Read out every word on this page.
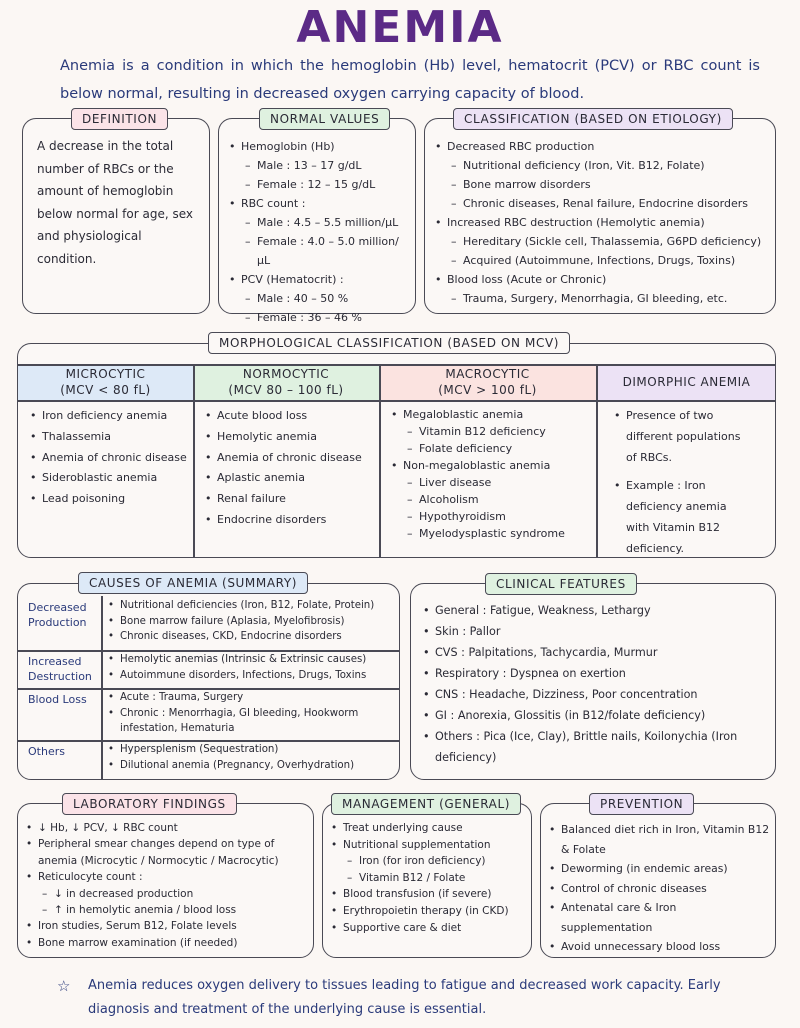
ANEMIA
Anemia is a condition in which the hemoglobin (Hb) level, hematocrit (PCV) or RBC count is below normal, resulting in decreased oxygen carrying capacity of blood.
DEFINITION
A decrease in the total number of RBCs or the amount of hemoglobin below normal for age, sex and physiological condition.
NORMAL VALUES
• Hemoglobin (Hb)
– Male : 13 – 17 g/dL
– Female : 12 – 15 g/dL
• RBC count :
– Male : 4.5 – 5.5 million/μL
– Female : 4.0 – 5.0 million/μL
• PCV (Hematocrit) :
– Male : 40 – 50 %
– Female : 36 – 46 %
CLASSIFICATION (BASED ON ETIOLOGY)
• Decreased RBC production
– Nutritional deficiency (Iron, Vit. B12, Folate)
– Bone marrow disorders
– Chronic diseases, Renal failure, Endocrine disorders
• Increased RBC destruction (Hemolytic anemia)
– Hereditary (Sickle cell, Thalassemia, G6PD deficiency)
– Acquired (Autoimmune, Infections, Drugs, Toxins)
• Blood loss (Acute or Chronic)
– Trauma, Surgery, Menorrhagia, GI bleeding, etc.
MICROCYTIC
(MCV < 80 fL)
• Iron deficiency anemia
• Thalassemia
• Anemia of chronic disease
• Sideroblastic anemia
• Lead poisoning
NORMOCYTIC
(MCV 80 – 100 fL)
• Acute blood loss
• Hemolytic anemia
• Anemia of chronic disease
• Aplastic anemia
• Renal failure
• Endocrine disorders
MACROCYTIC
(MCV > 100 fL)
• Megaloblastic anemia
– Vitamin B12 deficiency
– Folate deficiency
• Non-megaloblastic anemia
– Liver disease
– Alcoholism
– Hypothyroidism
– Myelodysplastic syndrome
DIMORPHIC ANEMIA
• Presence of two different populations of RBCs.
• Example : Iron deficiency anemia with Vitamin B12 deficiency.
MORPHOLOGICAL CLASSIFICATION (BASED ON MCV)
Decreased Production
• Nutritional deficiencies (Iron, B12, Folate, Protein)
• Bone marrow failure (Aplasia, Myelofibrosis)
• Chronic diseases, CKD, Endocrine disorders
Increased Destruction
• Hemolytic anemias (Intrinsic & Extrinsic causes)
• Autoimmune disorders, Infections, Drugs, Toxins
Blood Loss	• Acute : Trauma, Surgery
• Chronic : Menorrhagia, GI bleeding, Hookworm infestation, Hematuria
Others	• Hypersplenism (Sequestration)
• Dilutional anemia (Pregnancy, Overhydration)
CAUSES OF ANEMIA (SUMMARY)	CLINICAL FEATURES
• General : Fatigue, Weakness, Lethargy
• Skin : Pallor
• CVS : Palpitations, Tachycardia, Murmur
• Respiratory : Dyspnea on exertion
• CNS : Headache, Dizziness, Poor concentration
• GI : Anorexia, Glossitis (in B12/folate deficiency)
• Others : Pica (Ice, Clay), Brittle nails, Koilonychia (Iron deficiency)
LABORATORY FINDINGS
• ↓ Hb, ↓ PCV, ↓ RBC count
• Peripheral smear changes depend on type of anemia (Microcytic / Normocytic / Macrocytic)
• Reticulocyte count :
– ↓ in decreased production
– ↑ in hemolytic anemia / blood loss
• Iron studies, Serum B12, Folate levels
• Bone marrow examination (if needed)
MANAGEMENT (GENERAL)
• Treat underlying cause
• Nutritional supplementation
– Iron (for iron deficiency)
– Vitamin B12 / Folate
• Blood transfusion (if severe)
• Erythropoietin therapy (in CKD)
• Supportive care & diet
PREVENTION
• Balanced diet rich in Iron, Vitamin B12 & Folate
• Deworming (in endemic areas)
• Control of chronic diseases
• Antenatal care & Iron supplementation
• Avoid unnecessary blood loss
☆	Anemia reduces oxygen delivery to tissues leading to fatigue and decreased work capacity. Early diagnosis and treatment of the underlying cause is essential.
